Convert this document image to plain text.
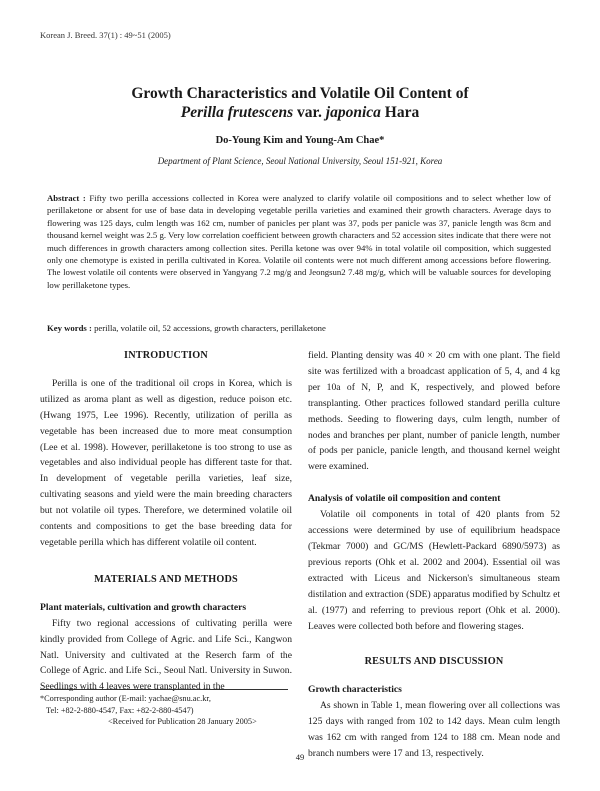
Korean J. Breed. 37(1) : 49~51 (2005)
Growth Characteristics and Volatile Oil Content of
Perilla frutescens var. japonica Hara
Do-Young Kim and Young-Am Chae*
Department of Plant Science, Seoul National University, Seoul 151-921, Korea
Abstract : Fifty two perilla accessions collected in Korea were analyzed to clarify volatile oil compositions and to select whether low of perillaketone or absent for use of base data in developing vegetable perilla varieties and examined their growth characters. Average days to flowering was 125 days, culm length was 162 cm, number of panicles per plant was 37, pods per panicle was 37, panicle length was 8cm and thousand kernel weight was 2.5 g. Very low correlation coefficient between growth characters and 52 accession sites indicate that there were not much differences in growth characters among collection sites. Perilla ketone was over 94% in total volatile oil composition, which suggested only one chemotype is existed in perilla cultivated in Korea. Volatile oil contents were not much different among accessions before flowering. The lowest volatile oil contents were observed in Yangyang 7.2 mg/g and Jeongsun2 7.48 mg/g, which will be valuable sources for developing low perillaketone types.
Key words : perilla, volatile oil, 52 accessions, growth characters, perillaketone
INTRODUCTION

Perilla is one of the traditional oil crops in Korea, which is utilized as aroma plant as well as digestion, reduce poison etc. (Hwang 1975, Lee 1996). Recently, utilization of perilla as vegetable has been increased due to more meat consumption (Lee et al. 1998). However, perillaketone is too strong to use as vegetables and also individual people has different taste for that. In development of vegetable perilla varieties, leaf size, cultivating seasons and yield were the main breeding characters but not volatile oil types. Therefore, we determined volatile oil contents and compositions to get the base breeding data for vegetable perilla which has different volatile oil content.

MATERIALS AND METHODS
Plant materials, cultivation and growth characters

Fifty two regional accessions of cultivating perilla were kindly provided from College of Agric. and Life Sci., Kangwon Natl. University and cultivated at the Reserch farm of the College of Agric. and Life Sci., Seoul Natl. University in Suwon. Seedlings with 4 leaves were transplanted in the

field. Planting density was 40 × 20 cm with one plant. The field site was fertilized with a broadcast application of 5, 4, and 4 kg per 10a of N, P, and K, respectively, and plowed before transplanting. Other practices followed standard perilla culture methods. Seeding to flowering days, culm length, number of nodes and branches per plant, number of panicle length, number of pods per panicle, panicle length, and thousand kernel weight were examined.

Analysis of volatile oil composition and content

Volatile oil components in total of 420 plants from 52 accessions were determined by use of equilibrium headspace (Tekmar 7000) and GC/MS (Hewlett-Packard 6890/5973) as previous reports (Ohk et al. 2002 and 2004). Essential oil was extracted with Liceus and Nickerson's simultaneous steam distilation and extraction (SDE) apparatus modified by Schultz et al. (1977) and referring to previous report (Ohk et al. 2000). Leaves were collected both before and flowering stages.

RESULTS AND DISCUSSION
Growth characteristics

As shown in Table 1, mean flowering over all collections was 125 days with ranged from 102 to 142 days. Mean culm length was 162 cm with ranged from 124 to 188 cm. Mean node and branch numbers were 17 and 13, respectively.

*Corresponding author (E-mail: yachae@snu.ac.kr,
Tel: +82-2-880-4547, Fax: +82-2-880-4547)
<Received for Publication 28 January 2005>
49
